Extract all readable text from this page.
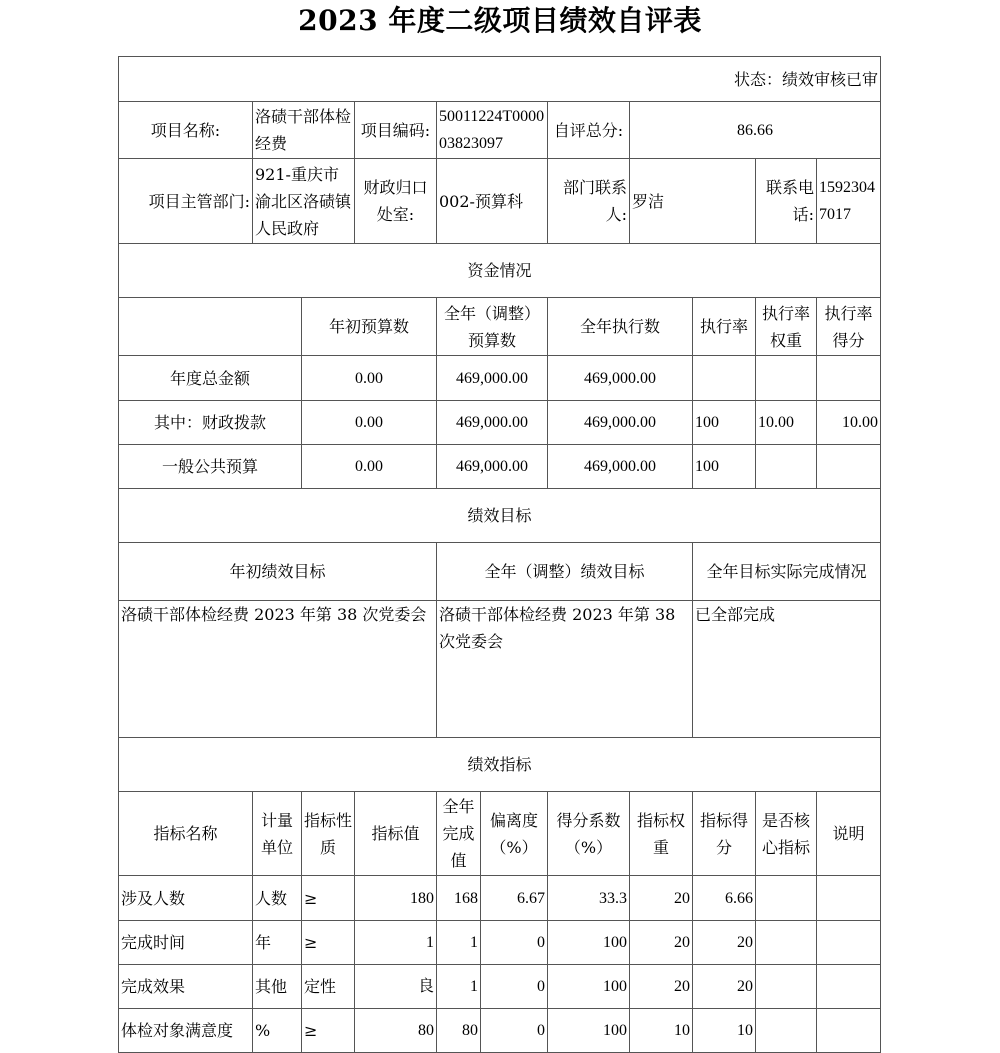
2023 年度二级项目绩效自评表
状态：绩效审核已审										
项目名称:	洛碛干部体检经费		项目编码:	50011224T000003823097		自评总分:	86.66			
项目主管部门:	921-重庆市渝北区洛碛镇人民政府		财政归口处室:	002-预算科		部门联系人:	罗洁		联系电话:	15923047017
资金情况										
		年初预算数		全年（调整）预算数		全年执行数		执行率	执行率权重	执行率得分
年度总金额		0.00		469,000.00		469,000.00				
其中：财政拨款		0.00		469,000.00		469,000.00		100	10.00	10.00
一般公共预算		0.00		469,000.00		469,000.00		100		
绩效目标										
年初绩效目标				全年（调整）绩效目标				全年目标实际完成情况		
洛碛干部体检经费 2023 年第 38 次党委会				洛碛干部体检经费 2023 年第 38 次党委会				已全部完成		
绩效指标										
指标名称	计量单位	指标性质	指标值	全年完成值	偏离度（%）	得分系数（%）	指标权重	指标得分	是否核心指标	说明
涉及人数	人数	≥	180	168	6.67	33.3	20	6.66		
完成时间	年	≥	1	1	0	100	20	20		
完成效果	其他	定性	良	1	0	100	20	20		
体检对象满意度	%	≥	80	80	0	100	10	10		
